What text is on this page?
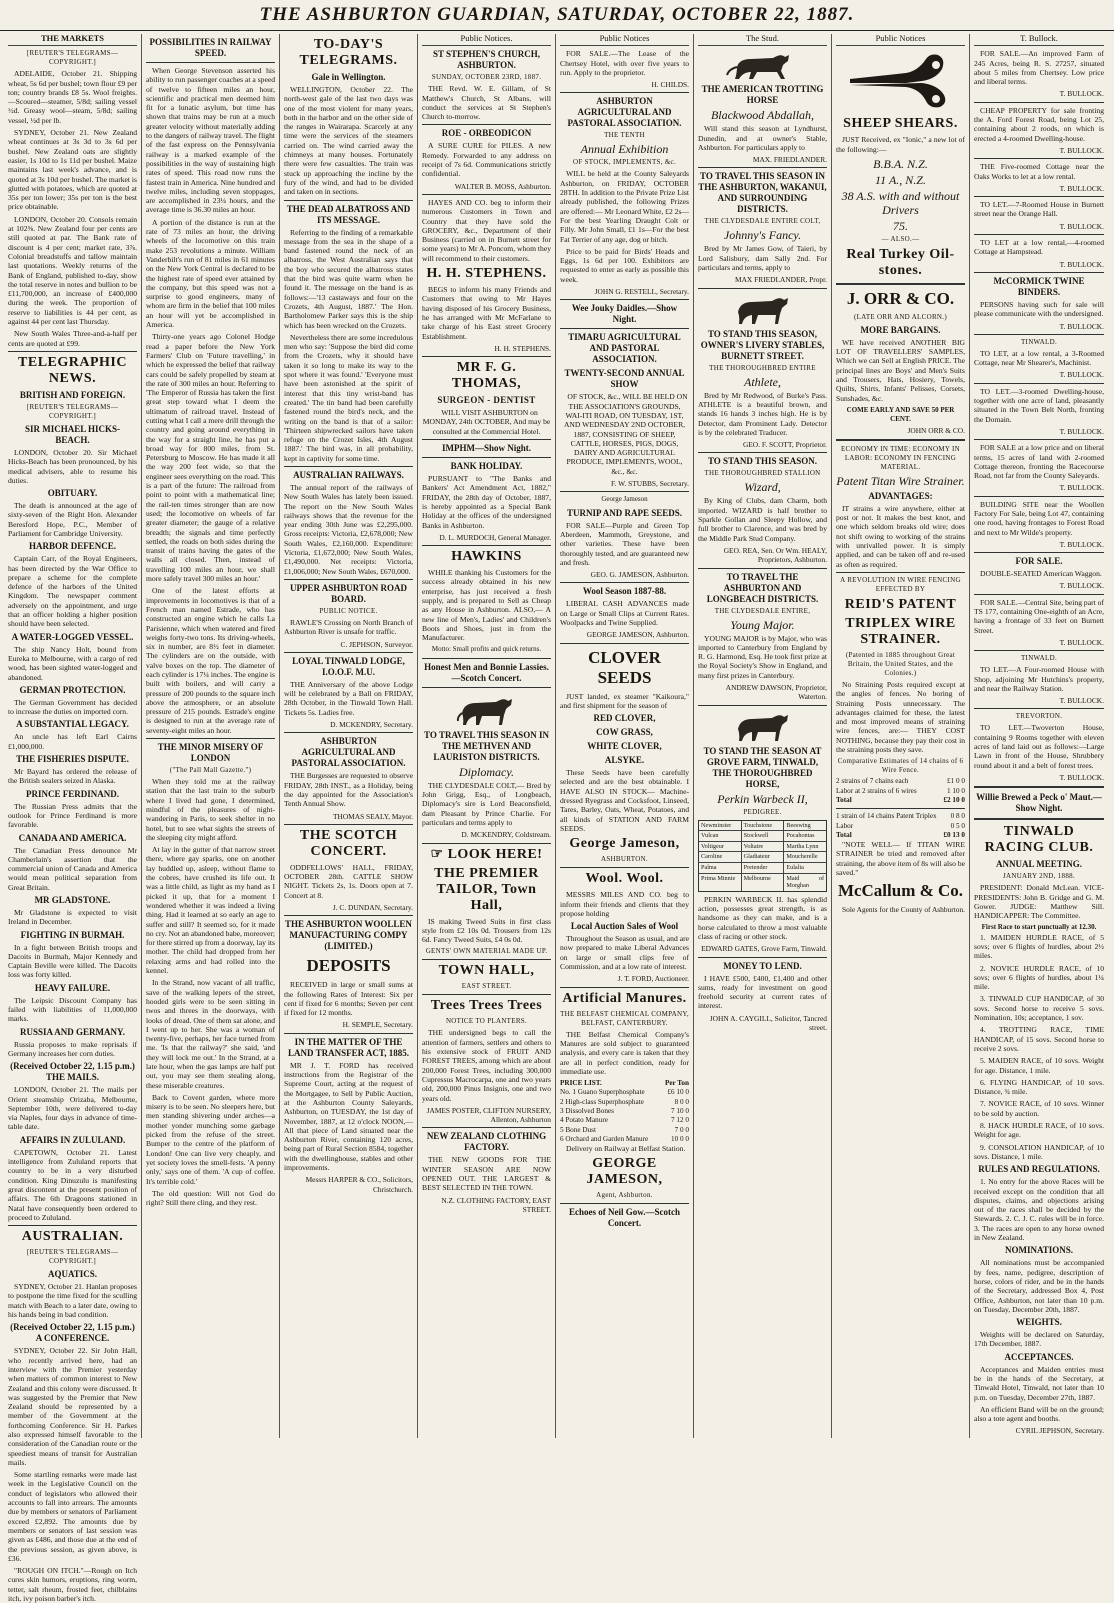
THE ASHBURTON GUARDIAN, SATURDAY, OCTOBER 22, 1887.
THE MARKETS
[REUTER'S TELEGRAMS—COPYRIGHT.]

ADELAIDE, October 21. Shipping wheat, 5s 6d per bushel; town flour £9 per ton; country brands £8 5s. Wool freights.—Scoured—steamer, 5/8d; sailing vessel ½d. Greasy wool—steam, 5/8d; sailing vessel, ½d per lb.

SYDNEY, October 21. New Zealand wheat continues at 3s 3d to 3s 6d per bushel. New Zealand oats are slightly easier, 1s 10d to 1s 11d per bushel. Maize maintains last week's advance, and is quoted at 3s 10d per bushel. The market is glutted with potatoes, which are quoted at 35s per ton lower; 35s per ton is the best price obtainable.

LONDON, October 20. Consols remain at 102⅝. New Zealand four per cents are still quoted at par. The Bank rate of discount is 4 per cent; market rate, 3⅞. Colonial breadstuffs and tallow maintain last quotations. Weekly returns of the Bank of England, published to-day, show the total reserve in notes and bullion to be £11,700,000, an increase of £400,000 during the week. The proportion of reserve to liabilities is 44 per cent, as against 44 per cent last Thursday.

New South Wales Three-and-a-half per cents are quoted at £99.

TELEGRAPHIC NEWS.
BRITISH AND FOREIGN.
[REUTER'S TELEGRAMS—COPYRIGHT.]
SIR MICHAEL HICKS-BEACH.

LONDON, October 20. Sir Michael Hicks-Beach has been pronounced, by his medical advisers, able to resume his duties.

OBITUARY.

The death is announced at the age of sixty-seven of the Right Hon. Alexander Beresford Hope, P.C., Member of Parliament for Cambridge University.

HARBOR DEFENCE.

Captain Carr, of the Royal Engineers, has been directed by the War Office to prepare a scheme for the complete defence of the harbors of the United Kingdom. The newspaper comment adversely on the appointment, and urge that an officer holding a higher position should have been selected.

A WATER-LOGGED VESSEL.

The ship Nancy Holt, bound from Eureka to Melbourne, with a cargo of red wood, has been sighted water-logged and abandoned.

GERMAN PROTECTION.

The German Government has decided to increase the duties on imported corn.

A SUBSTANTIAL LEGACY.

An uncle has left Earl Cairns £1,000,000.

THE FISHERIES DISPUTE.

Mr Bayard has ordered the release of the British sealers seized in Alaska.

PRINCE FERDINAND.

The Russian Press admits that the outlook for Prince Ferdinand is more favorable.

CANADA AND AMERICA.

The Canadian Press denounce Mr Chamberlain's assertion that the commercial union of Canada and America would mean political separation from Great Britain.

MR GLADSTONE.

Mr Gladstone is expected to visit Ireland in December.

FIGHTING IN BURMAH.

In a fight between British troops and Dacoits in Burmah, Major Kennedy and Captain Beville were killed. The Dacoits loss was forty killed.

HEAVY FAILURE.

The Leipsic Discount Company has failed with liabilities of 11,000,000 marks.

RUSSIA AND GERMANY.

Russia proposes to make reprisals if Germany increases her corn duties.

(Received October 22, 1.15 p.m.) THE MAILS.

LONDON, October 21. The mails per Orient steamship Orizaba, Melbourne, September 10th, were delivered to-day via Naples, four days in advance of time-table date.

AFFAIRS IN ZULULAND.

CAPETOWN, October 21. Latest intelligence from Zululand reports that country to be in a very disturbed condition. King Dinuzulu is manifesting great discontent at the present position of affairs. The 6th Dragoons stationed in Natal have consequently been ordered to proceed to Zululand.

AUSTRALIAN.
[REUTER'S TELEGRAMS—COPYRIGHT.]
AQUATICS.

SYDNEY, October 21. Hanlan proposes to postpone the time fixed for the sculling match with Beach to a later date, owing to his hands being in bad condition.

(Received October 22, 1.15 p.m.) A CONFERENCE.

SYDNEY, October 22. Sir John Hall, who recently arrived here, had an interview with the Premier yesterday when matters of common interest to New Zealand and this colony were discussed. It was suggested by the Premier that New Zealand should be represented by a member of the Government at the forthcoming Conference. Sir H. Parkes also expressed himself favorable to the consideration of the Canadian route or the speediest means of transit for Australian mails.

Some startling remarks were made last week in the Legislative Council on the conduct of legislators who allowed their accounts to fall into arrears. The amounts due by members or senators of Parliament exceed £2,892. The amounts due by members or senators of last session was given as £486, and those due at the end of the previous session, as given above, is £36.

"ROUGH ON ITCH."—Rough on Itch cures skin humors, eruptions, ring worm, tetter, salt rheum, frosted feet, chilblains itch, ivy poison barber's itch.

POSSIBILITIES IN RAILWAY SPEED.

When George Stevenson asserted his ability to run passenger coaches at a speed of twelve to fifteen miles an hour, scientific and practical men deemed him fit for a lunatic asylum, but time has shown that trains may be run at a much greater velocity without materially adding to the dangers of railway travel. The flight of the fast express on the Pennsylvania railway is a marked example of the possibilities in the way of sustaining high rates of speed. This road now runs the fastest train in America. Nine hundred and twelve miles, including seven stoppages, are accomplished in 23¼ hours, and the average time is 36.30 miles an hour.

A portion of the distance is run at the rate of 73 miles an hour, the driving wheels of the locomotive on this train make 253 revolutions a minute. William Vanderbilt's run of 81 miles in 61 minutes on the New York Central is declared to be the highest rate of speed ever attained by the company, but this speed was not a surprise to good engineers, many of whom are firm in the belief that 100 miles an hour will yet be accomplished in America.

Thirty-one years ago Colonel Hodge read a paper before the New York Farmers' Club on 'Future travelling,' in which he expressed the belief that railway cars could be safely propelled by steam at the rate of 300 miles an hour. Referring to 'The Emperor of Russia has taken the first great step toward what I deem the ultimatum of railroad travel. Instead of cutting what I call a mere drill through the country and going around everything in the way for a straight line, he has put a broad way for 800 miles, from St. Petersburg to Moscow. He has made it all the way 200 feet wide, so that the engineer sees everything on the road. This is a part of the future: The railroad from point to point with a mathematical line; the rail-ten times stronger than are now used; the locomotive on wheels of far greater diameter; the gauge of a relative breadth; the signals and time perfectly settled, the roads on both sides during the transit of trains having the gates of the walls all closed. Then, instead of travelling 100 miles an hour, we shall more safely travel 300 miles an hour.'

One of the latest efforts at improvements in locomotives is that of a French man named Estrade, who has constructed an engine which he calls La Parisienne, which when watered and fired weighs forty-two tons. Its driving-wheels, six in number, are 8½ feet in diameter. The cylinders are on the outside, with valve boxes on the top. The diameter of each cylinder is 17¼ inches. The engine is built with boilers, and will carry a pressure of 200 pounds to the square inch above the atmosphere, or an absolute pressure of 215 pounds. Estrade's engine is designed to run at the average rate of seventy-eight miles an hour.

THE MINOR MISERY OF LONDON
("The Pall Mall Gazette.")

When they told me at the railway station that the last train to the suburb where I lived had gone, I determined, mindful of the pleasures of night-wandering in Paris, to seek shelter in no hotel, but to see what sights the streets of the sleeping city might afford.

At lay in the gutter of that narrow street there, where gay sparks, one on another lay huddled up, asleep, without flame to the cobres, have crushed its life out. It was a little child, as light as my hand as I picked it up, that for a moment I wondered whether it was indeed a living thing. Had it learned at so early an age to suffer and still? It seemed so, for it made no cry. Not an abandoned babe, moreover; for there stirred up from a doorway, lay its mother. The child had dropped from her relaxing arms and had rolled into the kennel.

In the Strand, now vacant of all traffic, save of the walking lepers of the street, hooded girls were to be seen sitting in twos and threes in the doorways, with looks of dread. One of them sat alone, and I went up to her. She was a woman of twenty-five, perhaps, her face turned from me. 'Is that the railway?' she said, 'and they will lock me out.' In the Strand, at a late hour, when the gas lamps are half put out, you may see them stealing along, these miserable creatures.

Back to Covent garden, where more misery is to be seen. No sleepers here, but men standing shivering under arches—a mother yonder munching some garbage picked from the refuse of the street. Bumper to the centre of the platform of London! One can live very cheaply, and yet society loves the smell-fests. 'A penny only,' says one of them. 'A cup of coffee. It's terrible cold.'

The old question: Will not God do right? Still there cling, and they rest.

TO-DAY'S TELEGRAMS.
Gale in Wellington.

WELLINGTON, October 22. The north-west gale of the last two days was one of the most violent for many years, both in the harbor and on the other side of the ranges in Wairarapa. Scarcely at any time were the services of the steamers carried on. The wind carried away the chimneys at many houses. Fortunately there were few casualties. The train was stuck up approaching the incline by the fury of the wind, and had to be divided and taken on in sections.

THE DEAD ALBATROSS AND ITS MESSAGE.

Referring to the finding of a remarkable message from the sea in the shape of a band fastened round the neck of an albatross, the West Australian says that the boy who secured the albatross states that the bird was quite warm when he found it. The message on the band is as follows:—'13 castaways and four on the Crozets, 4th August, 1887.' The Hon. Bartholomew Parker says this is the ship which has been wrecked on the Crozets.

Nevertheless there are some incredulous men who say: 'Suppose the bird did come from the Crozets, why it should have taken it so long to make its way to the spot where it was found.' 'Everyone must have been astonished at the spirit of interest that this tiny wrist-band has created.' The tin band had been carefully fastened round the bird's neck, and the writing on the band is that of a sailor: 'Thirteen shipwrecked sailors have taken refuge on the Crozet Isles, 4th August 1887.' The bird was, in all probability, kept in captivity for some time.

AUSTRALIAN RAILWAYS.

The annual report of the railways of New South Wales has lately been issued. The report on the New South Wales railways shows that the revenue for the year ending 30th June was £2,295,000. Gross receipts: Victoria, £2,678,000; New South Wales, £2,160,000. Expenditure: Victoria, £1,672,000; New South Wales, £1,490,000. Net receipts: Victoria, £1,006,000; New South Wales, £670,000.

UPPER ASHBURTON ROAD BOARD.
PUBLIC NOTICE.

RAWLE'S Crossing on North Branch of Ashburton River is unsafe for traffic.

C. JEPHSON, Surveyor.
LOYAL TINWALD LODGE, I.O.O.F. M.U.

THE Anniversary of the above Lodge will be celebrated by a Ball on FRIDAY, 28th October, in the Tinwald Town Hall. Tickets 5s. Ladies free.

D. MCKENDRY, Secretary.
ASHBURTON AGRICULTURAL AND PASTORAL ASSOCIATION.

THE Burgesses are requested to observe FRIDAY, 28th INST., as a Holiday, being the day appointed for the Association's Tenth Annual Show.

THOMAS SEALY, Mayor.
THE SCOTCH CONCERT.

ODDFELLOWS' HALL, FRIDAY, OCTOBER 28th. CATTLE SHOW NIGHT. Tickets 2s, 1s. Doors open at 7. Concert at 8.

J. C. DUNDAN, Secretary.
THE ASHBURTON WOOLLEN MANUFACTURING COMPY (LIMITED.)
DEPOSITS

RECEIVED in large or small sums at the following Rates of Interest: Six per cent if fixed for 6 months; Seven per cent if fixed for 12 months.

H. SEMPLE, Secretary.
IN THE MATTER OF THE LAND TRANSFER ACT, 1885.

MR J. T. FORD has received instructions from the Registrar of the Supreme Court, acting at the request of the Mortgagee, to Sell by Public Auction, at the Ashburton County Saleyards, Ashburton, on TUESDAY, the 1st day of November, 1887, at 12 o'clock NOON,— All that piece of Land situated near the Ashburton River, containing 120 acres, being part of Rural Section 8584, together with the dwellinghouse, stables and other improvements.

Messrs HARPER & CO., Solicitors, Christchurch.
Public Notices.
ST STEPHEN'S CHURCH, ASHBURTON.
SUNDAY, OCTOBER 23RD, 1887.

THE Revd. W. E. Gillam, of St Matthew's Church, St Albans, will conduct the services at St Stephen's Church to-morrow.

ROE - ORBEODICON

A SURE CURE for PILES. A new Remedy. Forwarded to any address on receipt of 7s 6d. Communications strictly confidential.

WALTER B. MOSS, Ashburton.

HAYES AND CO. beg to inform their numerous Customers in Town and Country that they have sold the GROCERY, &c., Department of their Business (carried on in Burnett street for some years) to Mr A. Poncom, whom they will recommend to their customers.

H. H. STEPHENS.

BEGS to inform his many Friends and Customers that owing to Mr Hayes having disposed of his Grocery Business, he has arranged with Mr McFarlane to take charge of his East street Grocery Establishment.

H. H. STEPHENS.
MR F. G. THOMAS,
SURGEON - DENTIST

WILL VISIT ASHBURTON on MONDAY, 24th OCTOBER, And may be consulted at the Commercial Hotel.

IMPHM—Show Night.
BANK HOLIDAY.

PURSUANT to "The Banks and Bankers' Act Amendment Act, 1882," FRIDAY, the 28th day of October, 1887, is hereby appointed as a Special Bank Holiday at the offices of the undersigned Banks in Ashburton.

D. L. MURDOCH, General Manager.
HAWKINS

WHILE thanking his Customers for the success already obtained in his new enterprise, has just received a fresh supply, and is prepared to Sell as Cheap as any House in Ashburton. ALSO,— A new line of Men's, Ladies' and Children's Boots and Shoes, just in from the Manufacturer.

Motto: Small profits and quick returns.
Honest Men and Bonnie Lassies.—Scotch Concert.
TO TRAVEL THIS SEASON IN THE METHVEN AND LAURISTON DISTRICTS.
Diplomacy.

THE CLYDESDALE COLT,— Bred by John Grigg, Esq., of Longbeach, Diplomacy's sire is Lord Beaconsfield, dam Pleasant by Prince Charlie. For particulars and terms apply to

D. MCKENDRY, Coldstream.
☞ LOOK HERE!
THE PREMIER TAILOR, Town Hall,

IS making Tweed Suits in first class style from £2 10s 0d. Trousers from 12s 6d. Fancy Tweed Suits, £4 0s 0d.

GENTS' OWN MATERIAL MADE UP.
TOWN HALL,
EAST STREET.
Trees Trees Trees
NOTICE TO PLANTERS.

THE undersigned begs to call the attention of farmers, settlers and others to his extensive stock of FRUIT AND FOREST TREES, among which are about 200,000 Forest Trees, including 300,000 Cupressus Macrocarpa, one and two years old, 200,000 Pinus Insignis, one and two years old.

JAMES POSTER, CLIFTON NURSERY, Allenton, Ashburton
NEW ZEALAND CLOTHING FACTORY.

THE NEW GOODS FOR THE WINTER SEASON ARE NOW OPENED OUT. THE LARGEST & BEST SELECTED IN THE TOWN.

N.Z. CLOTHING FACTORY, EAST STREET.
Public Notices

FOR SALE.—The Lease of the Chertsey Hotel, with over five years to run. Apply to the proprietor.

H. CHILDS.
ASHBURTON AGRICULTURAL AND PASTORAL ASSOCIATION.
THE TENTH
Annual Exhibition
OF STOCK, IMPLEMENTS, &c.

WILL be held at the County Saleyards Ashburton, on FRIDAY, OCTOBER 28TH. In addition to the Private Prize List already published, the following Prizes are offered:— Mr Leonard White, £2 2s—For the best Yearling Draught Colt or Filly. Mr John Small, £1 1s—For the best Fat Terrier of any age, dog or bitch.

Price to be paid for Birds' Heads and Eggs, 1s 6d per 100. Exhibitors are requested to enter as early as possible this week.

JOHN G. RESTELL, Secretary.
Wee Jouky Daidles.—Show Night.
TIMARU AGRICULTURAL AND PASTORAL ASSOCIATION.
TWENTY-SECOND ANNUAL SHOW

OF STOCK, &c., WILL BE HELD ON THE ASSOCIATION'S GROUNDS, WAI-ITI ROAD, ON TUESDAY, 1ST, AND WEDNESDAY 2ND OCTOBER, 1887, CONSISTING OF SHEEP, CATTLE, HORSES, PIGS, DOGS, DAIRY AND AGRICULTURAL PRODUCE, IMPLEMENTS, WOOL, &c., &c.

F. W. STUBBS, Secretary.
George Jameson
TURNIP AND RAPE SEEDS.

FOR SALE—Purple and Green Top Aberdeen, Mammoth, Greystone, and other varieties. These have been thoroughly tested, and are guaranteed new and fresh.

GEO. G. JAMESON, Ashburton.
Wool Season 1887-88.

LIBERAL CASH ADVANCES made on Large or Small Clips at Current Rates. Woolpacks and Twine Supplied.

GEORGE JAMESON, Ashburton.
CLOVER SEEDS

JUST landed, ex steamer "Kaikoura," and first shipment for the season of

RED CLOVER,
COW GRASS,
WHITE CLOVER,
ALSYKE.

These Seeds have been carefully selected and are the best obtainable. I HAVE ALSO IN STOCK— Machine-dressed Ryegrass and Cocksfoot, Linseed, Tares, Barley, Oats, Wheat, Potatoes, and all kinds of STATION AND FARM SEEDS.

George Jameson,
ASHBURTON.
Wool. Wool.

MESSRS MILES AND CO. beg to inform their friends and clients that they propose holding

Local Auction Sales of Wool

Throughout the Season as usual, and are now prepared to make Liberal Advances on large or small clips free of Commission, and at a low rate of interest.

J. T. FORD, Auctioneer.
Artificial Manures.
THE BELFAST CHEMICAL COMPANY, BELFAST, CANTERBURY.

THE Belfast Chemical Company's Manures are sold subject to guaranteed analysis, and every care is taken that they are all in perfect condition, ready for immediate use.

PRICE LIST.	Per Ton
No. 1 Guano Superphosphate	£6 10 0
2 High-class Superphosphate	8 0 0
3 Dissolved Bones	7 10 0
4 Potato Manure	7 12 0
5 Bone Dust	7 0 0
6 Orchard and Garden Manure	10 0 0

Delivery on Railway at Belfast Station.

GEORGE JAMESON,
Agent, Ashburton.
Echoes of Neil Gow.—Scotch Concert.
The Stud.
THE AMERICAN TROTTING HORSE
Blackwood Abdallah,

Will stand this season at Lyndhurst, Dunedin, and at owner's Stable, Ashburton. For particulars apply to

MAX. FRIEDLANDER.
TO TRAVEL THIS SEASON IN THE ASHBURTON, WAKANUI, AND SURROUNDING DISTRICTS.
THE CLYDESDALE ENTIRE COLT,
Johnny's Fancy.

Bred by Mr James Gow, of Taieri, by Lord Salisbury, dam Sally 2nd. For particulars and terms, apply to

MAX FRIEDLANDER, Propr.
TO STAND THIS SEASON, OWNER'S LIVERY STABLES, BURNETT STREET.
THE THOROUGHBRED ENTIRE
Athlete,

Bred by Mr Redwood, of Burke's Pass. ATHLETE is a beautiful brown, and stands 16 hands 3 inches high. He is by Detector, dam Prominent Lady. Detector is by the celebrated Traducer.

GEO. F. SCOTT, Proprietor.
TO STAND THIS SEASON.
THE THOROUGHBRED STALLION
Wizard,

By King of Clubs, dam Charm, both imported. WIZARD is half brother to Sparkle Gollan and Sleepy Hollow, and full brother to Clarence, and was bred by the Middle Park Stud Company.

GEO. REA, Sen. Or Wm. HEALY, Proprietors, Ashburton.
TO TRAVEL THE ASHBURTON AND LONGBEACH DISTRICTS.
THE CLYDESDALE ENTIRE,
Young Major.

YOUNG MAJOR is by Major, who was imported to Canterbury from England by R. G. Harmond, Esq. He took first prize at the Royal Society's Show in England, and many first prizes in Canterbury.

ANDREW DAWSON, Proprietor, Waterton.
TO STAND THE SEASON AT GROVE FARM, TINWALD, THE THOROUGHBRED HORSE,
Perkin Warbeck II,
PEDIGREE.
Newminster	Touchstone	Beeswing
Vulcan	Stockwell	Pocahontas
Voltigeur	Voltaire	Martha Lynn
Caroline	Gladiateur	Moucherelle
Palma	Pretender	Eulalia
Prima Minnie	Melbourne	Maid of Morghan

PERKIN WARBECK II. has splendid action, possesses great strength, is as handsome as they can make, and is a horse calculated to throw a most valuable class of racing or other stock.

EDWARD GATES, Grove Farm, Tinwald.
MONEY TO LEND.

I HAVE £500, £400, £1,400 and other sums, ready for investment on good freehold security at current rates of interest.

JOHN A. CAYGILL, Solicitor, Tancred street.
Public Notices
SHEEP SHEARS.

JUST Received, ex "Ionic," a new lot of the following:—

B.B.A. N.Z.
11 A., N.Z.
38 A.S. with and without Drivers
75.
— ALSO.—
Real Turkey Oil-stones.
J. ORR & CO.
(LATE ORR AND ALCORN.)
MORE BARGAINS.

WE have received ANOTHER BIG LOT OF TRAVELLERS' SAMPLES, Which we can Sell at English PRICE. The principal lines are Boys' and Men's Suits and Trousers, Hats, Hosiery, Towels, Quilts, Shirts, Infants' Pelisses, Corsets, Sunshades, &c.

COME EARLY AND SAVE 50 PER CENT.
JOHN ORR & CO.
ECONOMY IN TIME: ECONOMY IN LABOR: ECONOMY IN FENCING MATERIAL.
Patent Titan Wire Strainer.
ADVANTAGES:

IT strains a wire anywhere, either at post or not. It makes the best knot, and one which seldom breaks old wire; does not shift owing to working of the strains with unrivalled power. It is simply applied, and can be taken off and re-used as often as required.

A REVOLUTION IN WIRE FENCING EFFECTED BY
REID'S PATENT
TRIPLEX WIRE STRAINER.
(Patented in 1885 throughout Great Britain, the United States, and the Colonies.)

No Straining Posts required except at the angles of fences. No boring of Straining Posts unnecessary. The advantages claimed for these, the latest and most improved means of straining wire fences, are:— THEY COST NOTHING, because they pay their cost in the straining posts they save.

Comparative Estimates of 14 chains of 6 Wire Fence.
2 strains of 7 chains each	£1 0 0
Labor at 2 strains of 6 wires	1 10 0
Total	£2 10 0
1 strain of 14 chains Patent Triplex 0 8 0
Labor	0 5 0
Total	£0 13 0

"NOTE WELL— If TITAN WIRE STRAINER be tried and removed after straining, the above item of 8s will also be saved."

McCallum & Co.
Sole Agents for the County of Ashburton.
T. Bullock.

FOR SALE.—An improved Farm of 245 Acres, being R. S. 27257, situated about 5 miles from Chertsey. Low price and liberal terms.

T. BULLOCK.

CHEAP PROPERTY for sale fronting the A. Ford Forest Road, being Lot 25, containing about 2 roods, on which is erected a 4-roomed Dwelling-house.

T. BULLOCK.

THE Five-roomed Cottage near the Oaks Works to let at a low rental.

T. BULLOCK.

TO LET.—7-Roomed House in Burnett street near the Orange Hall.

T. BULLOCK.

TO LET at a low rental,—4-roomed Cottage at Hampstead.

T. BULLOCK.
McCORMICK TWINE BINDERS.

PERSONS having such for sale will please communicate with the undersigned.

T. BULLOCK.
TINWALD.

TO LET, at a low rental, a 3-Roomed Cottage, near Mr Shearer's, Machinist.

T. BULLOCK.

TO LET.—3-roomed Dwelling-house, together with one acre of land, pleasantly situated in the Town Belt North, fronting the Domain.

T. BULLOCK.

FOR SALE at a low price and on liberal terms, 15 acres of land with 2-roomed Cottage thereon, fronting the Racecourse Road, not far from the County Saleyards.

T. BULLOCK.

BUILDING SITE near the Woollen Factory For Sale, being Lot 47, containing one rood, having frontages to Forest Road and next to Mr Wilde's property.

T. BULLOCK.
FOR SALE.

DOUBLE-SEATED American Waggon.

T. BULLOCK.

FOR SALE.—Central Site, being part of TS 177, containing One-eighth of an Acre, having a frontage of 33 feet on Burnett Street.

T. BULLOCK.
TINWALD.

TO LET.—A Four-roomed House with Shop, adjoining Mr Hutchins's property, and near the Railway Station.

T. BULLOCK.
TREVORTON.

TO LET.—Twoverton House, containing 9 Rooms together with eleven acres of land laid out as follows:—Large Lawn in front of the House, Shrubbery round about it and a belt of forest trees.

T. BULLOCK.
Willie Brewed a Peck o' Maut.—Show Night.
TINWALD RACING CLUB.
ANNUAL MEETING.
JANUARY 2ND, 1888.

PRESIDENT: Donald McLean. VICE-PRESIDENTS: John B. Gridge and G. M. Gower. JUDGE: Matthew Sill. HANDICAPPER: The Committee.

First Race to start punctually at 12.30.

1. MAIDEN HURDLE RACE, of 5 sovs; over 6 flights of hurdles, about 2½ miles.

2. NOVICE HURDLE RACE, of 10 sovs; over 6 flights of hurdles, about 1¼ mile.

3. TINWALD CUP HANDICAP, of 30 sovs. Second horse to receive 5 sovs. Nomination, 10s; acceptance, 1 sov.

4. TROTTING RACE, TIME HANDICAP, of 15 sovs. Second horse to receive 2 sovs.

5. MAIDEN RACE, of 10 sovs. Weight for age. Distance, 1 mile.

6. FLYING HANDICAP, of 10 sovs. Distance, ¾ mile.

7. NOVICE RACE, of 10 sovs. Winner to be sold by auction.

8. HACK HURDLE RACE, of 10 sovs. Weight for age.

9. CONSOLATION HANDICAP, of 10 sovs. Distance, 1 mile.

RULES AND REGULATIONS.

1. No entry for the above Races will be received except on the condition that all disputes, claims, and objections arising out of the races shall be decided by the Stewards. 2. C. J. C. rules will be in force. 3. The races are open to any horse owned in New Zealand.

NOMINATIONS.

All nominations must be accompanied by fees, name, pedigree, description of horse, colors of rider, and be in the hands of the Secretary, addressed Box 4, Post Office, Ashburton, not later than 10 p.m. on Tuesday, December 20th, 1887.

WEIGHTS.

Weights will be declared on Saturday, 17th December, 1887.

ACCEPTANCES.

Acceptances and Maiden entries must be in the hands of the Secretary, at Tinwald Hotel, Tinwald, not later than 10 p.m. on Tuesday, December 27th, 1887.

An efficient Band will be on the ground; also a tote agent and booths.

CYRIL JEPHSON, Secretary.
